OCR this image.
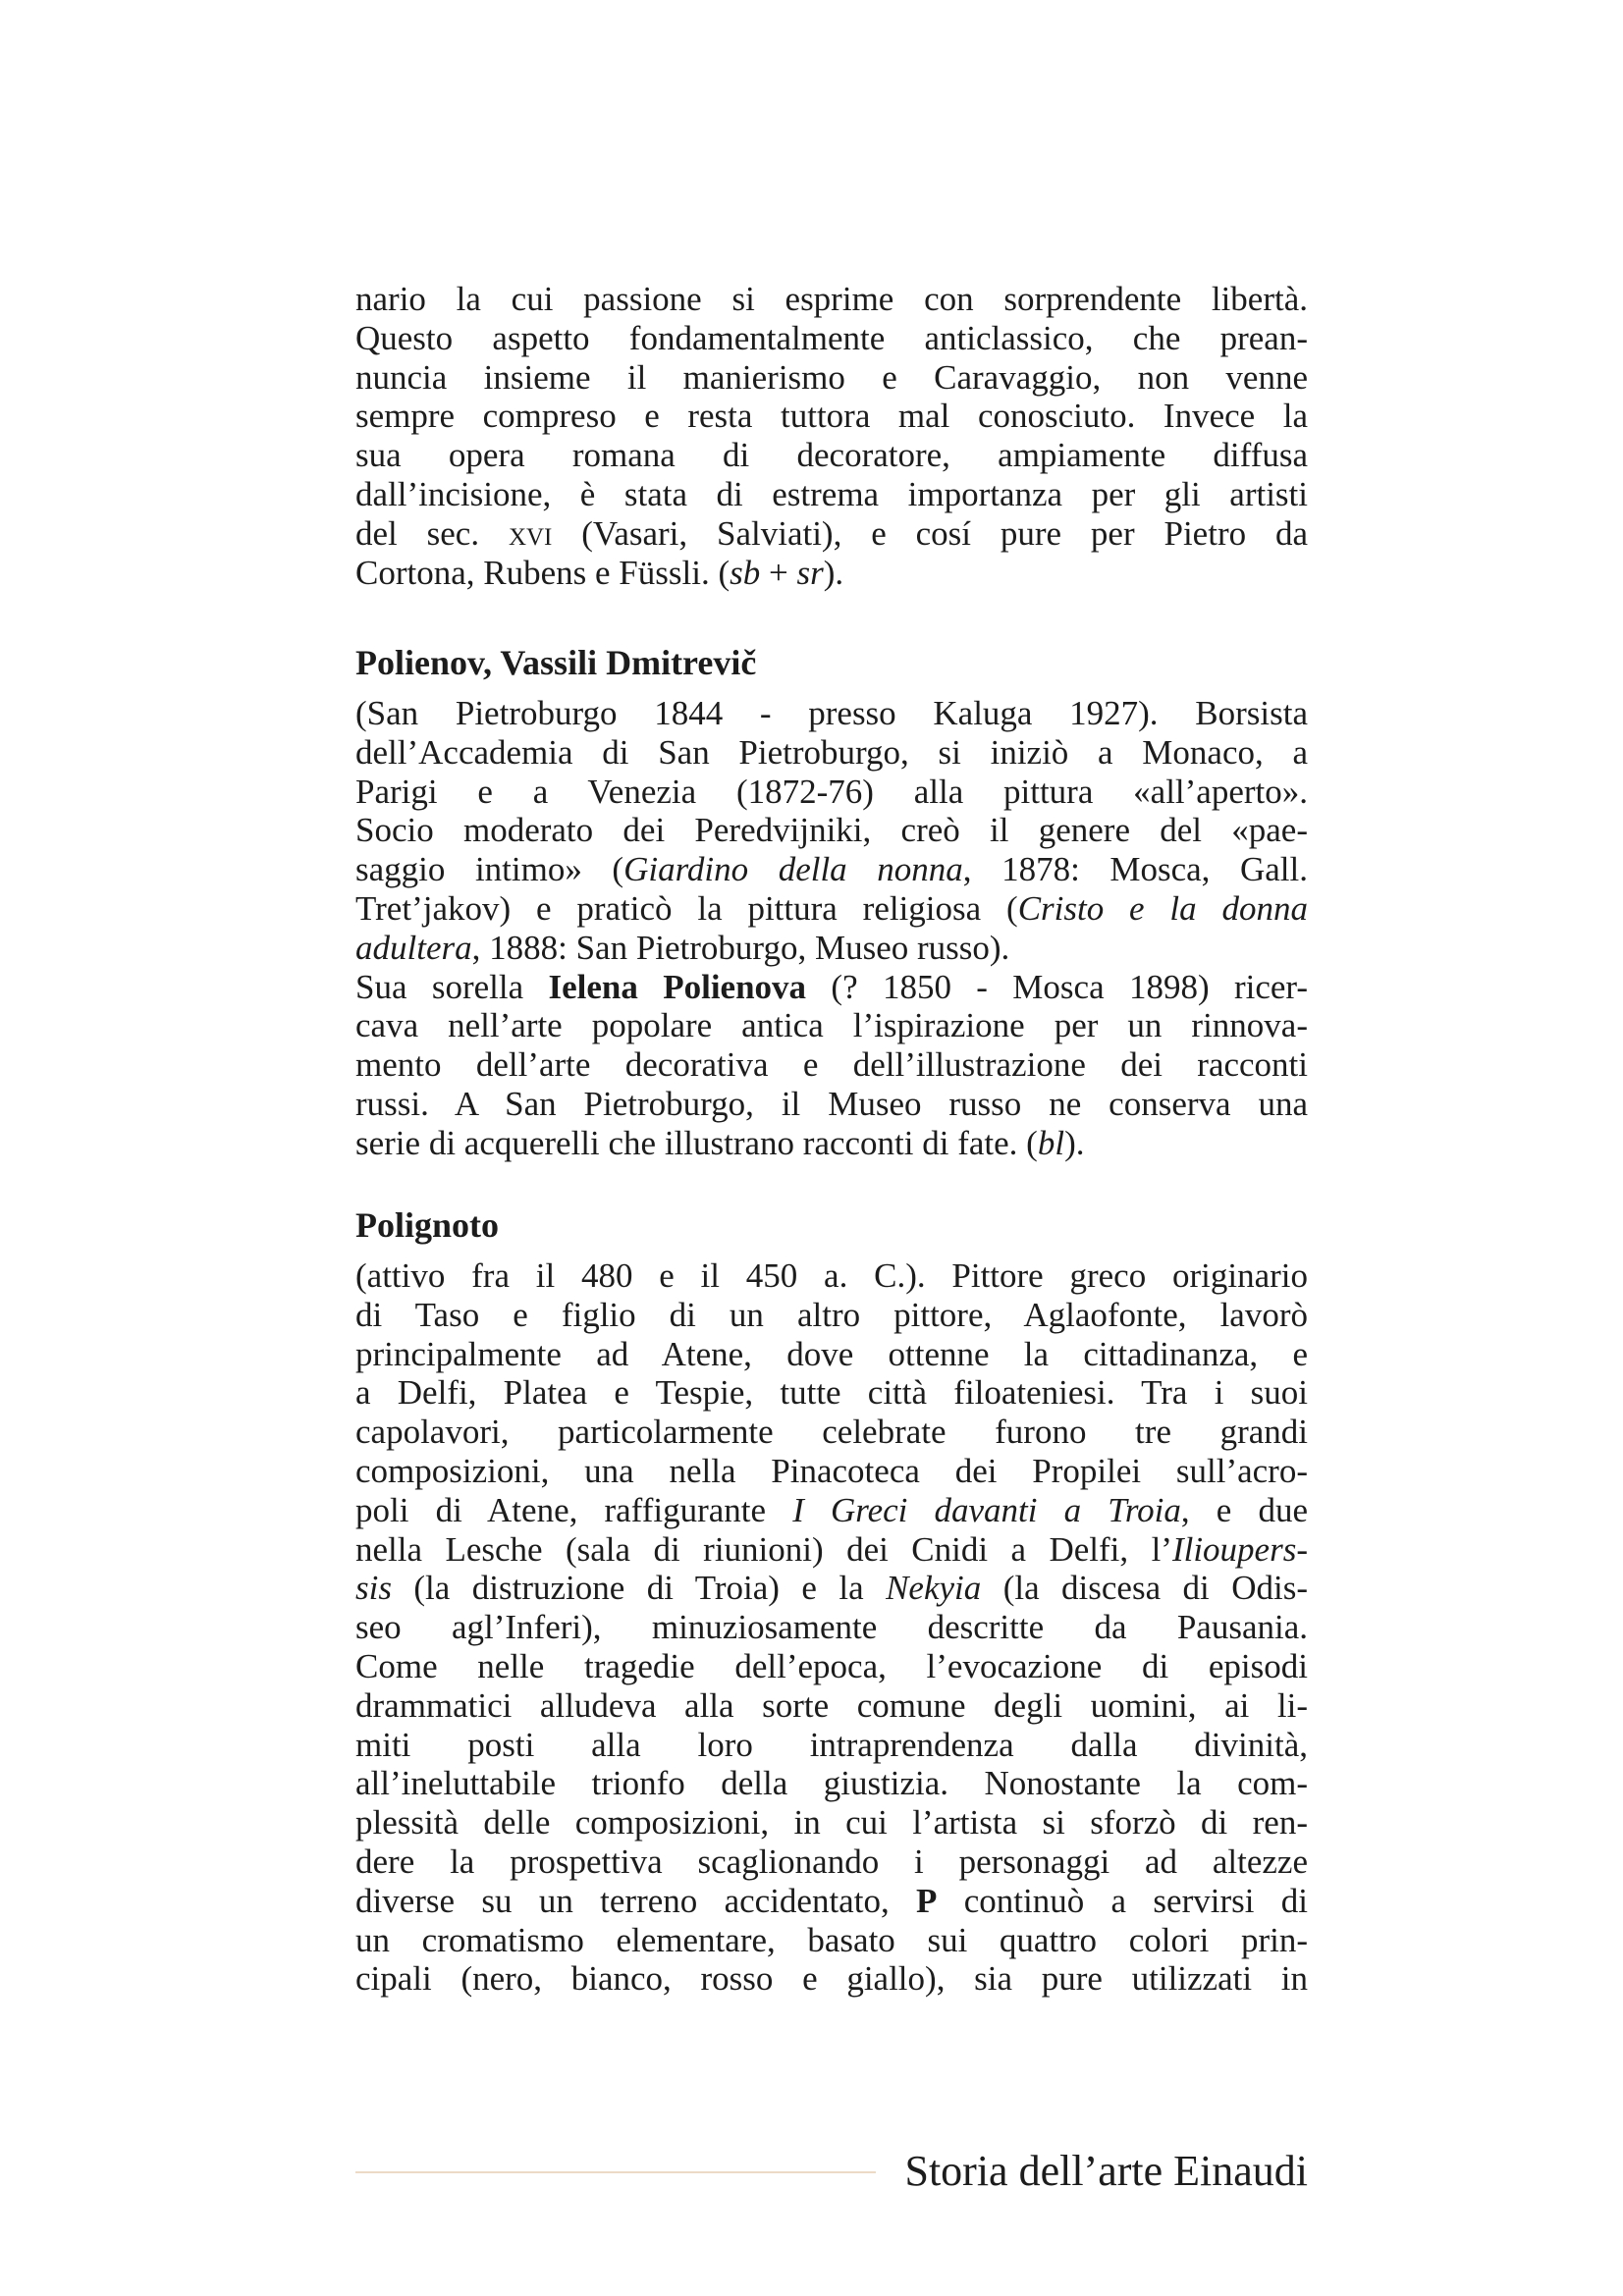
nario la cui passione si esprime con sorprendente libertà.
Questo aspetto fondamentalmente anticlassico, che prean-
nuncia insieme il manierismo e Caravaggio, non venne
sempre compreso e resta tuttora mal conosciuto. Invece la
sua opera romana di decoratore, ampiamente diffusa
dall’incisione, è stata di estrema importanza per gli artisti
del sec. xvi (Vasari, Salviati), e cosí pure per Pietro da
Cortona, Rubens e Füssli. (sb + sr).
Polienov, Vassili Dmitrevič
(San Pietroburgo 1844 - presso Kaluga 1927). Borsista
dell’Accademia di San Pietroburgo, si iniziò a Monaco, a
Parigi e a Venezia (1872-76) alla pittura «all’aperto».
Socio moderato dei Peredvijniki, creò il genere del «pae-
saggio intimo» (Giardino della nonna, 1878: Mosca, Gall.
Tret’jakov) e praticò la pittura religiosa (Cristo e la donna
adultera, 1888: San Pietroburgo, Museo russo).
Sua sorella Ielena Polienova (? 1850 - Mosca 1898) ricer-
cava nell’arte popolare antica l’ispirazione per un rinnova-
mento dell’arte decorativa e dell’illustrazione dei racconti
russi. A San Pietroburgo, il Museo russo ne conserva una
serie di acquerelli che illustrano racconti di fate. (bl).
Polignoto
(attivo fra il 480 e il 450 a. C.). Pittore greco originario
di Taso e figlio di un altro pittore, Aglaofonte, lavorò
principalmente ad Atene, dove ottenne la cittadinanza, e
a Delfi, Platea e Tespie, tutte città filoateniesi. Tra i suoi
capolavori, particolarmente celebrate furono tre grandi
composizioni, una nella Pinacoteca dei Propilei sull’acro-
poli di Atene, raffigurante I Greci davanti a Troia, e due
nella Lesche (sala di riunioni) dei Cnidi a Delfi, l’Ilioupers-
sis (la distruzione di Troia) e la Nekyia (la discesa di Odis-
seo agl’Inferi), minuziosamente descritte da Pausania.
Come nelle tragedie dell’epoca, l’evocazione di episodi
drammatici alludeva alla sorte comune degli uomini, ai li-
miti posti alla loro intraprendenza dalla divinità,
all’ineluttabile trionfo della giustizia. Nonostante la com-
plessità delle composizioni, in cui l’artista si sforzò di ren-
dere la prospettiva scaglionando i personaggi ad altezze
diverse su un terreno accidentato, P continuò a servirsi di
un cromatismo elementare, basato sui quattro colori prin-
cipali (nero, bianco, rosso e giallo), sia pure utilizzati in
Storia dell’arte Einaudi
